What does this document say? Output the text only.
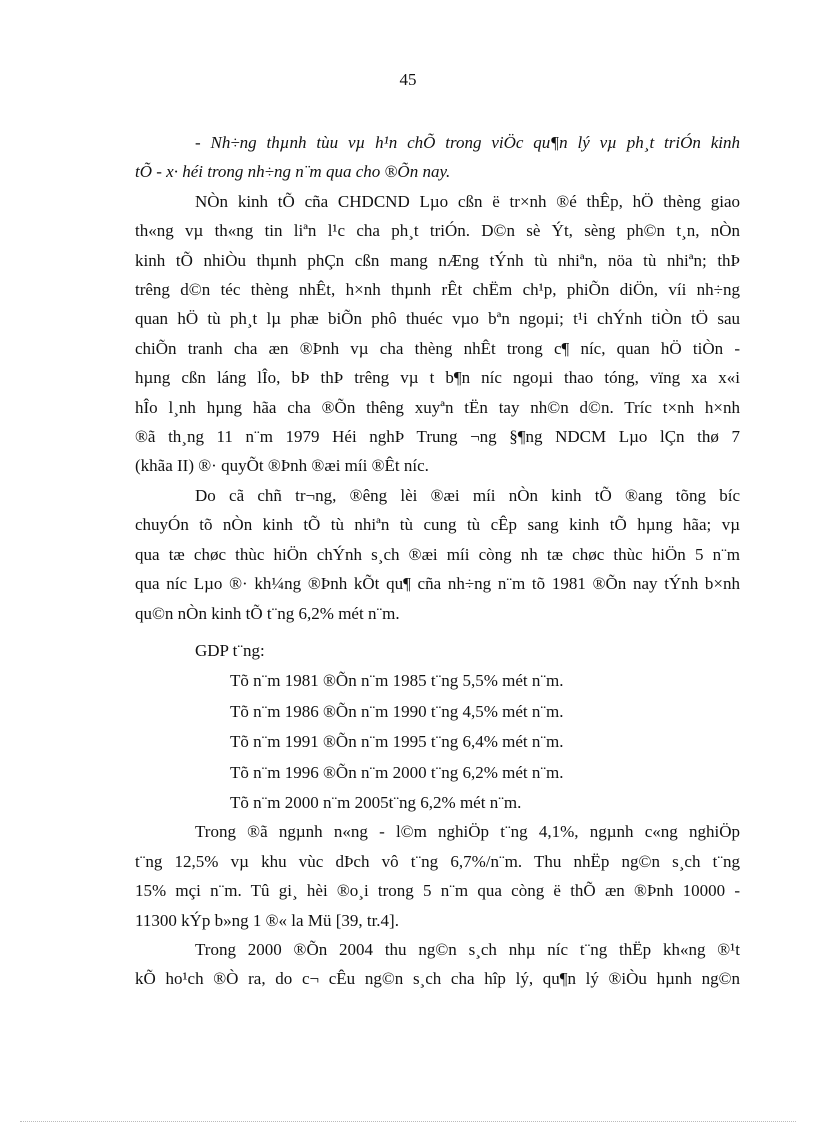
45
- Nh÷ng thµnh tùu vµ h¹n chÕ trong viÖc qu¶n lý vµ ph¸t triÓn kinh
tÕ - x· héi trong nh÷ng n¨m qua cho ®Õn nay.
NÒn kinh tÕ cña CHDCND Lµo cßn ë tr×nh ®é thÊp, hÖ thèng giao
th«ng vµ th«ng tin liªn l¹c cha ph¸t triÓn. D©n sè Ýt, sèng ph©n t¸n, nÒn
kinh tÕ nhiÒu thµnh phÇn cßn mang nÆng tÝnh tù nhiªn, nöa tù nhiªn; thÞ
trêng d©n téc thèng nhÊt, h×nh thµnh rÊt chËm ch¹p, phiÕn diÖn, víi nh÷ng
quan hÖ tù ph¸t lµ phæ biÕn phô thuéc vµo bªn ngoµi; t¹i chÝnh tiÒn tÖ sau
chiÕn tranh cha æn ®Þnh vµ cha thèng nhÊt trong c¶ níc, quan hÖ tiÒn -
hµng cßn láng lÎo, bÞ thÞ trêng vµ t b¶n níc ngoµi thao tóng, vïng xa x«i
hÎo l¸nh hµng hãa cha ®Õn thêng xuyªn tËn tay nh©n d©n. Tríc t×nh h×nh
®ã th¸ng 11 n¨m 1979 Héi nghÞ Trung ¬ng §¶ng NDCM Lµo lÇn thø 7
(khãa II) ®· quyÕt ®Þnh ®æi míi ®Êt níc.
Do cã chñ tr¬ng, ®êng lèi ®æi míi nÒn kinh tÕ ®ang tõng bíc
chuyÓn tõ nÒn kinh tÕ tù nhiªn tù cung tù cÊp sang kinh tÕ hµng hãa; vµ
qua tæ chøc thùc hiÖn chÝnh s¸ch ®æi míi còng nh tæ chøc thùc hiÖn 5 n¨m
qua níc Lµo ®· kh¼ng ®Þnh kÕt qu¶ cña nh÷ng n¨m tõ 1981 ®Õn nay tÝnh b×nh
qu©n nÒn kinh tÕ t¨ng 6,2% mét n¨m.
GDP t¨ng:
Tõ n¨m 1981 ®Õn n¨m 1985 t¨ng 5,5% mét n¨m.
Tõ n¨m 1986 ®Õn n¨m 1990 t¨ng 4,5% mét n¨m.
Tõ n¨m 1991 ®Õn n¨m 1995 t¨ng 6,4% mét n¨m.
Tõ n¨m 1996 ®Õn n¨m 2000 t¨ng 6,2% mét n¨m.
Tõ n¨m 2000 n¨m 2005t¨ng 6,2% mét n¨m.
Trong ®ã ngµnh n«ng - l©m nghiÖp t¨ng 4,1%, ngµnh c«ng nghiÖp
t¨ng 12,5% vµ khu vùc dÞch vô t¨ng 6,7%/n¨m. Thu nhËp ng©n s¸ch t¨ng
15% mçi n¨m. Tû gi¸ hèi ®o¸i trong 5 n¨m qua còng ë thÕ æn ®Þnh 10000 -
11300 kÝp b»ng 1 ®« la Mü [39, tr.4].
Trong 2000 ®Õn 2004 thu ng©n s¸ch nhµ níc t¨ng thËp kh«ng ®¹t
kÕ ho¹ch ®Ò ra, do c¬ cÊu ng©n s¸ch cha hîp lý, qu¶n lý ®iÒu hµnh ng©n
